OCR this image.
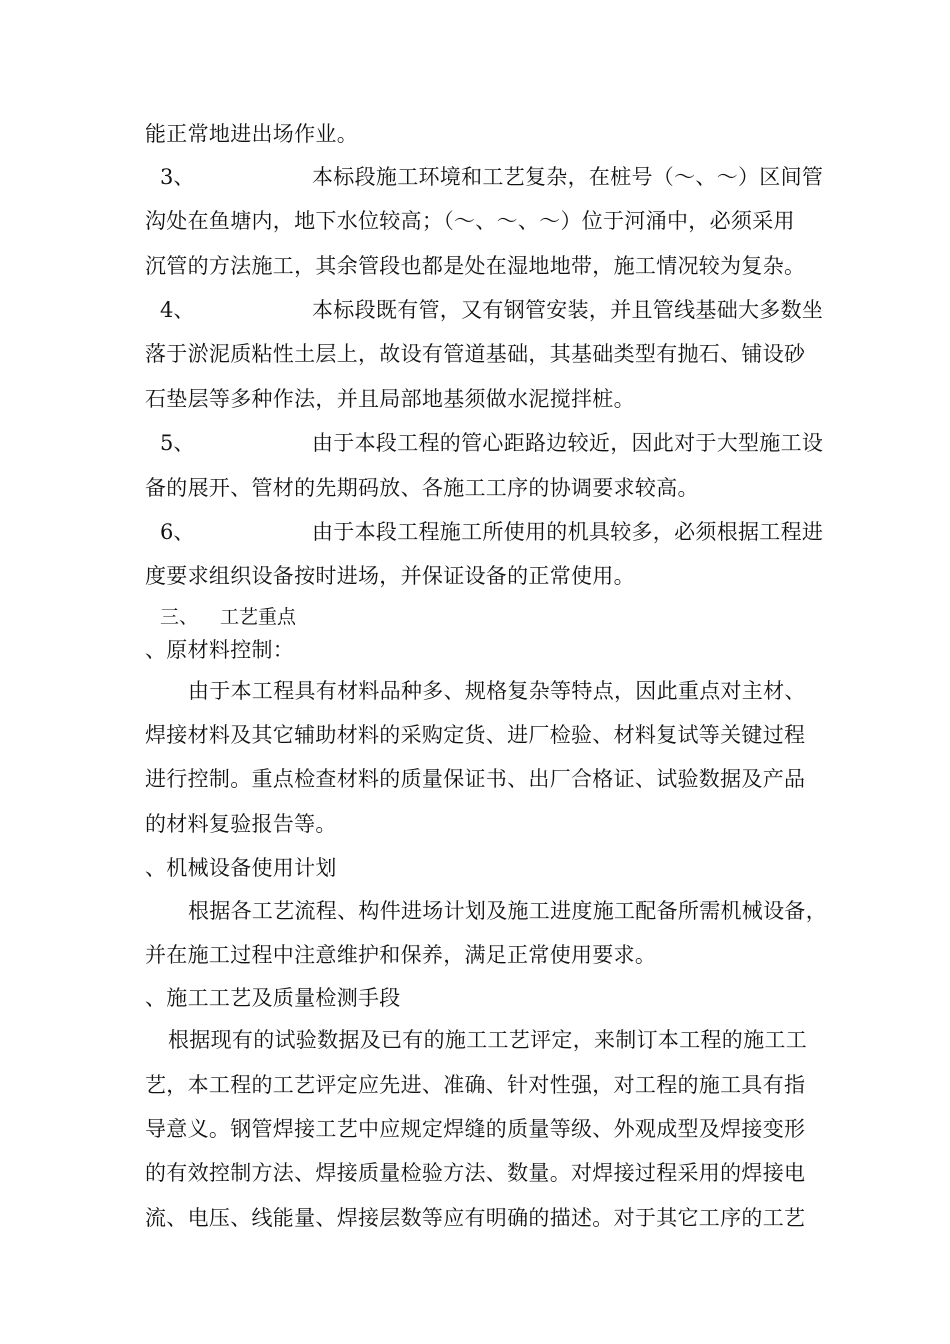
能正常地进出场作业。
3、	本标段施工环境和工艺复杂，在桩号（～、～）区间管
沟处在鱼塘内，地下水位较高；（～、～、～）位于河涌中，必须采用
沉管的方法施工，其余管段也都是处在湿地地带，施工情况较为复杂。
4、	本标段既有管，又有钢管安装，并且管线基础大多数坐
落于淤泥质粘性土层上，故设有管道基础，其基础类型有抛石、铺设砂
石垫层等多种作法，并且局部地基须做水泥搅拌桩。
5、	由于本段工程的管心距路边较近，因此对于大型施工设
备的展开、管材的先期码放、各施工工序的协调要求较高。
6、	由于本段工程施工所使用的机具较多，必须根据工程进
度要求组织设备按时进场，并保证设备的正常使用。
三、 工艺重点
、原材料控制：
由于本工程具有材料品种多、规格复杂等特点，因此重点对主材、
焊接材料及其它辅助材料的采购定货、进厂检验、材料复试等关键过程
进行控制。重点检查材料的质量保证书、出厂合格证、试验数据及产品
的材料复验报告等。
、机械设备使用计划
根据各工艺流程、构件进场计划及施工进度施工配备所需机械设备，
并在施工过程中注意维护和保养，满足正常使用要求。
、施工工艺及质量检测手段
根据现有的试验数据及已有的施工工艺评定，来制订本工程的施工工
艺，本工程的工艺评定应先进、准确、针对性强，对工程的施工具有指
导意义。钢管焊接工艺中应规定焊缝的质量等级、外观成型及焊接变形
的有效控制方法、焊接质量检验方法、数量。对焊接过程采用的焊接电
流、电压、线能量、焊接层数等应有明确的描述。对于其它工序的工艺
